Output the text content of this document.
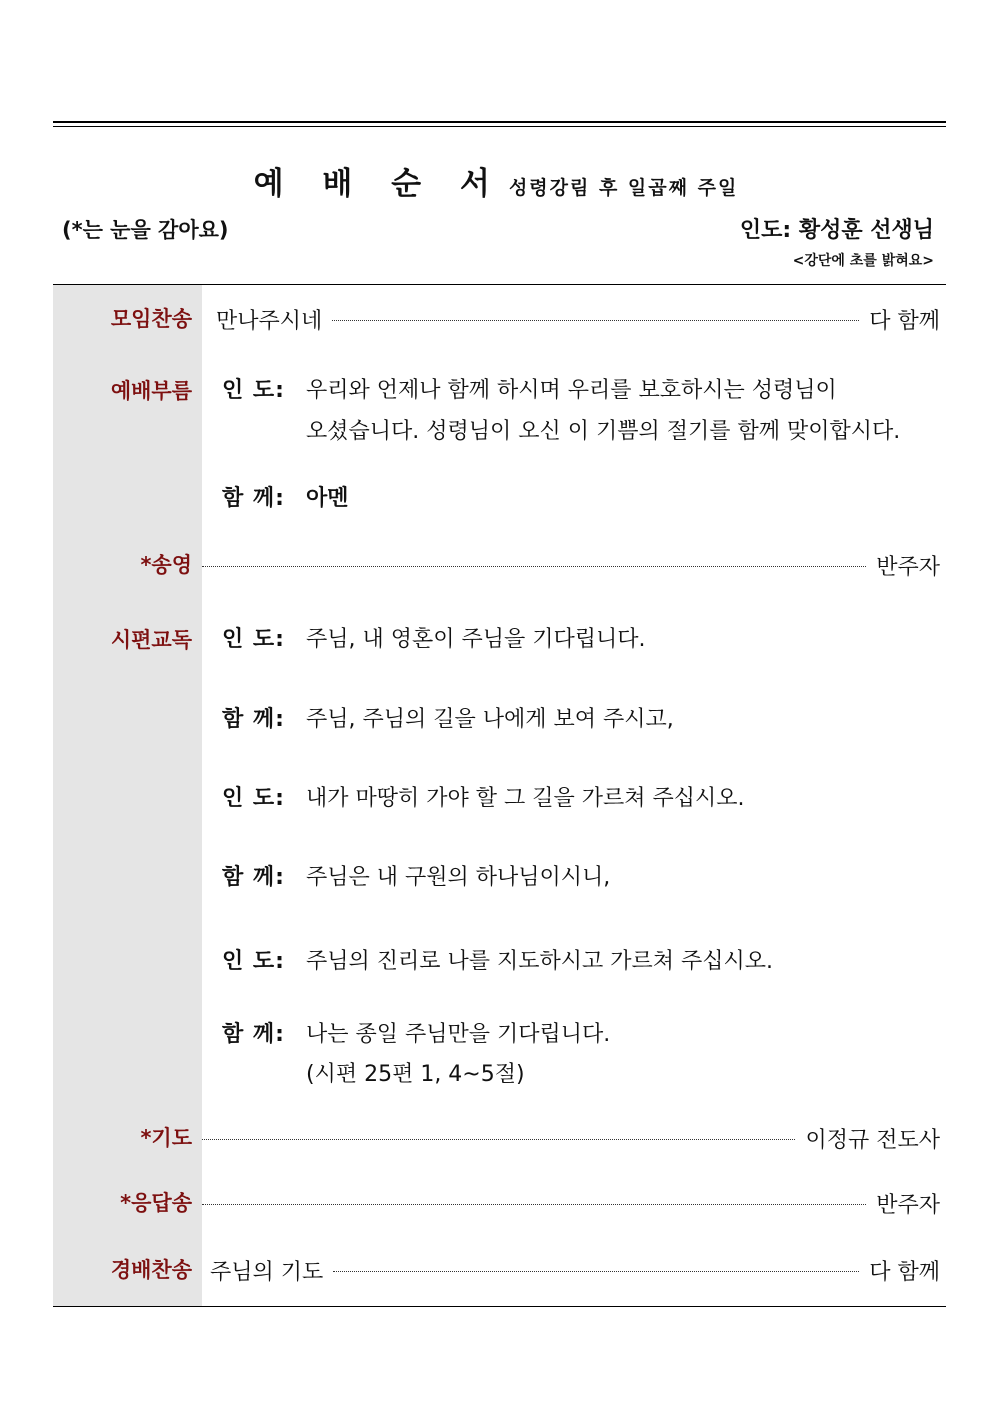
예 배 순 서 성령강림 후 일곱째 주일
(*는 눈을 감아요)	인도: 황성훈 선생님
<강단에 초를 밝혀요>
모임찬송	만나주시네	다 함께
예배부름 인 도: 우리와 언제나 함께 하시며 우리를 보호하시는 성령님이
오셨습니다. 성령님이 오신 이 기쁨의 절기를 함께 맞이합시다.
함 께: 아멘
*송영	반주자
시편교독 인 도: 주님, 내 영혼이 주님을 기다립니다.
함 께: 주님, 주님의 길을 나에게 보여 주시고,
인 도: 내가 마땅히 가야 할 그 길을 가르쳐 주십시오.
함 께: 주님은 내 구원의 하나님이시니,
인 도: 주님의 진리로 나를 지도하시고 가르쳐 주십시오.
함 께: 나는 종일 주님만을 기다립니다.
(시편 25편 1, 4~5절)
*기도	이정규 전도사
*응답송	반주자
경배찬송 주님의 기도	다 함께
